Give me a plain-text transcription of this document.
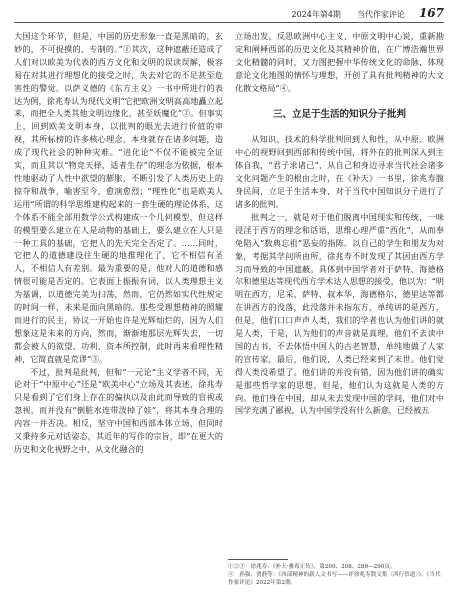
2024年第4期 当代作家评论 167

大国这个环节，但是，中国的历史形象一直是黑暗的，玄妙的，不可捉摸的、专制的。”①其次，这种遮蔽还造成了人们对以欧美为代表的西方文化和文明的误读误解，极容易在对其进行理想化的接受之时，失去对它的不足甚至危害性的警觉。以萨义德的《东方主义》一书中所进行的表达为例，徐兆寿认为现代文明“它把欧洲文明高高地矗立起来，而把全人类其他文明边缘化，甚至妖魔化”②。但事实上，回到欧美文明本身，以批判的眼光去进行价值的审视，其所标榜的许多核心理念，本身就存在诸多问题，造成了现代社会的种种灾难。“进化论”不仅不能被完全证实，而且其以“物竞天择，适者生存”的理念为依据，根本性地驱动了人性中欲望的膨胀，不断引发了人类历史上的掠夺和战争，喻害至今，愈演愈烈；“理性化”也是欧美人运用“所谓的科学思维建构起来的一套生硬的理论体系，这个体系不能全部用数学公式构建成一个几何模型，但这样的模型要么建立在人是动物的基础上，要么建立在人只是一种工具的基础，它把人的先天完全否定了。……同时，它把人的道德建设往生硬的地推理化了，它不相信有圣人，不相信人有差别。最为重要的是，他对人的道德和感情很可能是否定的。它表面上振振有词，以人类理想主义为基调，以道德完美为扫荡，然而，它仍然如实代性规定的时间一样，未来是面向黑暗的。那些受理想精神的照耀而进行的民主，协议一开始也许是光辉灿烂的，因为人们想象这是未来的方向，然而，渐渐地那层光辉失去，一切都会被人的欲望、功利、资本所控制，此时再来看理性精神，它简直就是荒谬”③。

不过，批判是批判，但和“一元论”主义学者不同，无论对于“中原中心”还是“欧美中心”立场及其表述，徐兆寿只是看到了它们身上存在的偏执以及由此而导致的盲视或忽视，而并没有“倒脏水连带泼掉了娃”，将其本身合理的内容一并否决。相反，坚守中国和西部本体立场，但同时又秉持多元对话姿态，其近年的写作的宗旨，即“在更大的历史和文化视野之中，从文化融合的

立场出发，反思欧洲中心主义、中原文明中心说，重新勘定和阐释西部的历史文化及其精神价值，在广博浩瀚世界文化精髓的同时，又力图把握中华传统文化的命脉，体现意论文化地图的情怀与理想，开创了具有批判精神的大文化散文格局”④。

三、立足于生活的知识分子批判

从知识、技术的科学批判回到人和性，从中原、欧洲中心的视野回到西部和传统中国，将外在的批判深入到主体自我，“君子求诸己”，从自己和身边寻求当代社会诸多文化问题产生的根由之时，在《补天》一书里，徐兆寿腹身民间，立足于生活本身，对于当代中国知识分子进行了诸多的批判。

批判之一，就是对于他们脱离中国现实和传统，一味浸淫于西方的理念和话语，思维心理严重“西化”，从而奉免陷入“数典忘祖”恶妄的指陈。以自己的学生和朋友为对象，考据其学问所由所，徐兆寿不时发现了其因由西方学习而导致的中国遮蔽。具体到中国学者对于萨特、海德格尔和德里达等现代西方学术达人思想的接受，他以为：“明明在西方，尼采、萨特、叔本华，海德格尔，德里达等都在讲西方的没落，此没落并未指东方，单纯讲的是西方，但是，他们口口声声人类，我们的学者也认为他们讲的就是人类，于是，认为他们的声音就是真理。他们不去读中国的古书，不去体悟中国人的古老智慧，单纯地做了人家的宣传家，最后，他们说，人类已经来到了末世。他们觉得人类没希望了。他们讲的并没有错，因为他们讲的确实是那些哲学家的思想，但是，他们认为这就是人类的方向。他们身在中国，却从未去发现中国的学问，他们对中国学充满了鄙视，认为中国学没有什么新意，已经被五

①②③　徐兆寿：《补天·雅希正传》，第209、208、289—290页。
④　孙强、贾静等：《西部精神的新人文书写——评徐兆寿散文集〈西行悟道〉》，《当代作家评论》2022年第2期。
